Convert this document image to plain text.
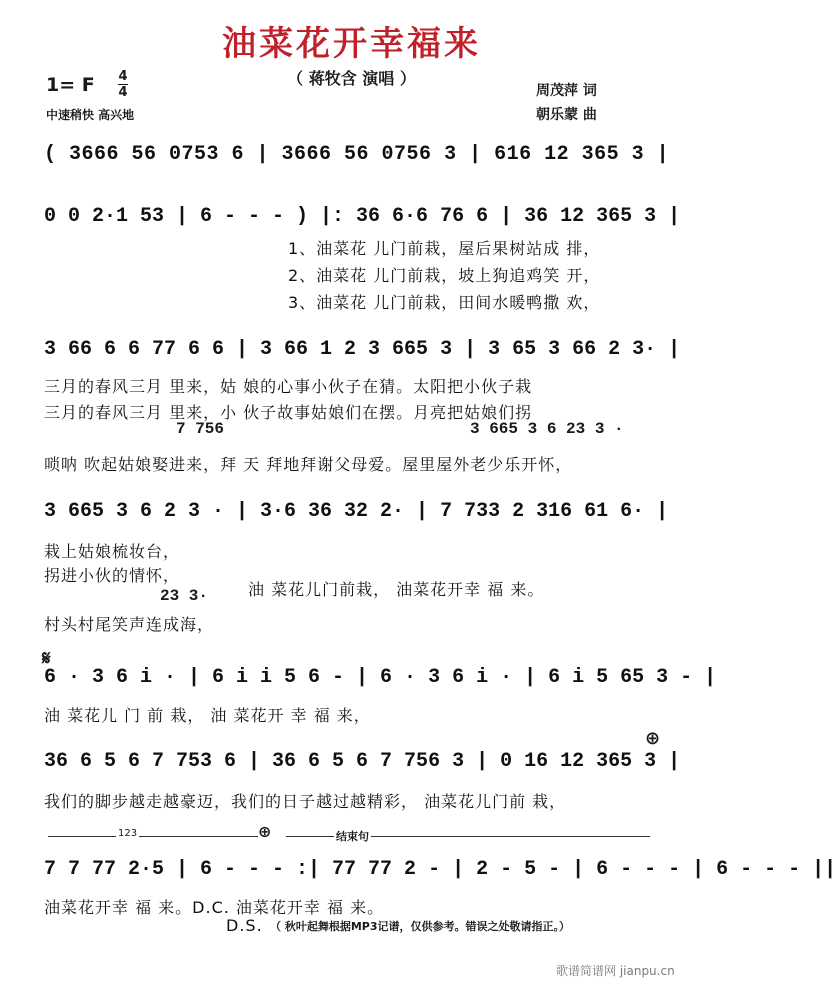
油菜花开幸福来
（ 蒋牧含 演唱 ）
1= F 4
4
中速稍快 高兴地
周茂萍 词
朝乐蒙 曲
( 3666 56 0753 6 | 3666 56 0756 3 | 616 12 365 3 |
0 0 2·1 53 | 6 - - - ) |: 36 6·6 76 6 | 36 12 365 3 |
1、油菜花 儿门前栽，屋后果树站成 排，
2、油菜花 儿门前栽，坡上狗追鸡笑 开，
3、油菜花 儿门前栽，田间水暖鸭撒 欢，
3 66 6 6 77 6 6 | 3 66 1 2 3 665 3 | 3 65 3 66 2 3· |
三月的春风三月 里来，姑 娘的心事小伙子在猜。太阳把小伙子栽
三月的春风三月 里来，小 伙子故事姑娘们在摆。月亮把姑娘们拐
7 756	3 665 3 6 23 3 ·
唢呐 吹起姑娘娶进来，拜 天 拜地拜谢父母爱。屋里屋外老少乐开怀，
3 665 3 6 2 3 · | 3·6 36 32 2· | 7 733 2 316 61 6· |
栽上姑娘梳妆台，
拐进小伙的情怀，
23 3·
村头村尾笑声连成海，
油 菜花儿门前栽， 油菜花开幸 福 来。
𝄋
6 · 3 6 i · | 6 i i 5 6 - | 6 · 3 6 i · | 6 i 5 65 3 - |
油 菜花儿 门 前 栽， 油 菜花开 幸 福 来，
⊕
36 6 5 6 7 753 6 | 36 6 5 6 7 756 3 | 0 16 12 365 3 |
我们的脚步越走越豪迈，我们的日子越过越精彩， 油菜花儿门前 栽，
123	⊕	结束句
7 7 77 2·5 | 6 - - - :| 77 77 2 - | 2 - 5 - | 6 - - - | 6 - - - ||
油菜花开幸 福 来。D.C. 油菜花开幸 福 来。
D.S. （ 秋叶起舞根据MP3记谱，仅供参考。错误之处敬请指正。）
歌谱简谱网 jianpu.cn
